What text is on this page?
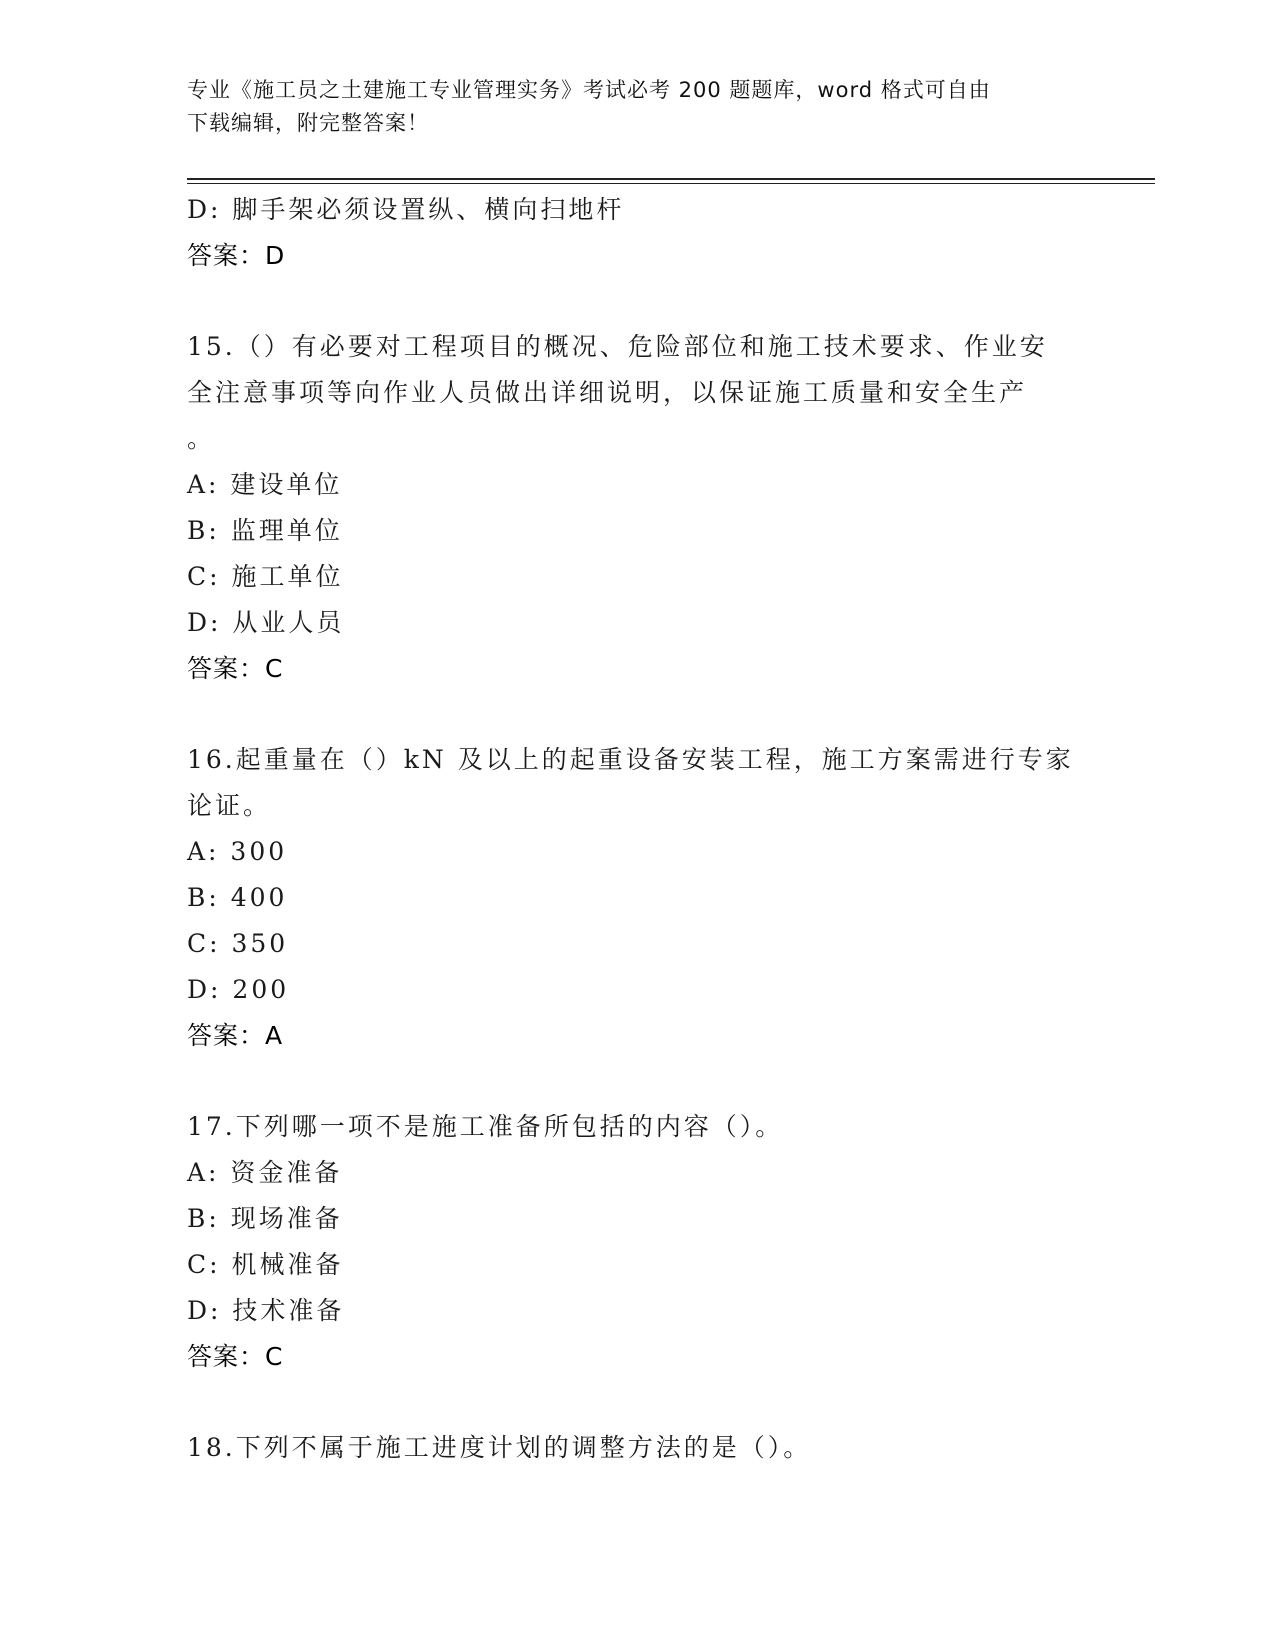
专业《施工员之土建施工专业管理实务》考试必考 200 题题库，word 格式可自由
下载编辑，附完整答案！
D: 脚手架必须设置纵、横向扫地杆
答案：D
15.（）有必要对工程项目的概况、危险部位和施工技术要求、作业安
全注意事项等向作业人员做出详细说明，以保证施工质量和安全生产
。
A: 建设单位
B: 监理单位
C: 施工单位
D: 从业人员
答案：C
16.起重量在（）kN 及以上的起重设备安装工程，施工方案需进行专家
论证。
A: 300
B: 400
C: 350
D: 200
答案：A
17.下列哪一项不是施工准备所包括的内容（）。
A: 资金准备
B: 现场准备
C: 机械准备
D: 技术准备
答案：C
18.下列不属于施工进度计划的调整方法的是（）。
